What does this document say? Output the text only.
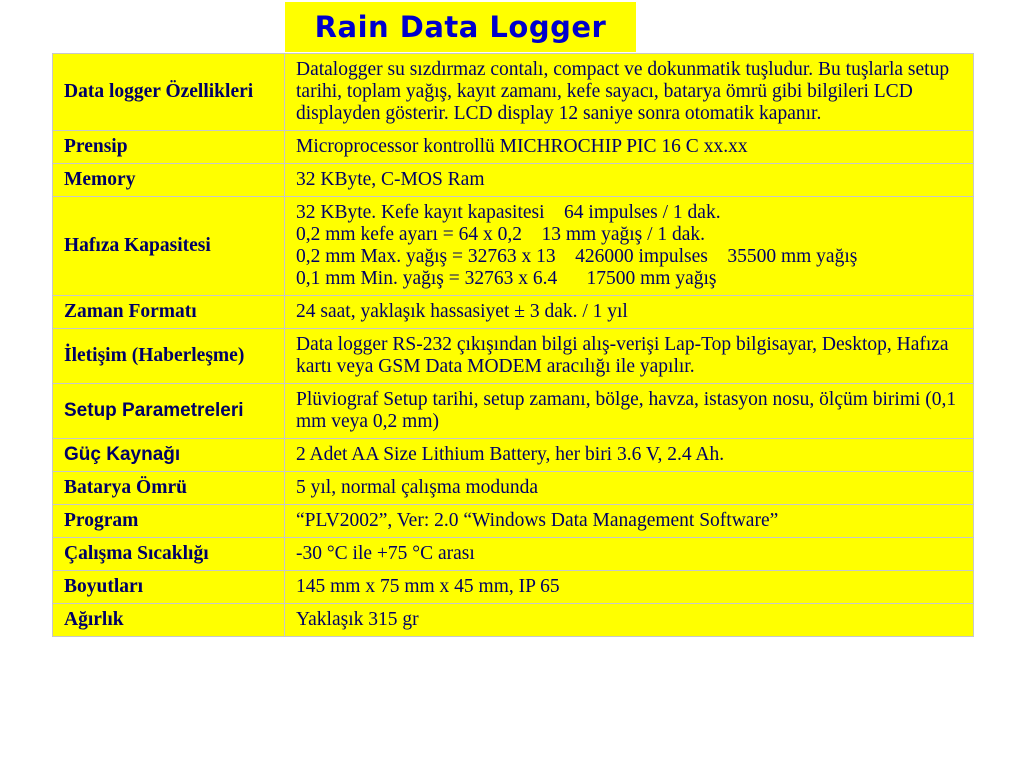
Rain Data Logger
Data logger Özellikleri	Datalogger su sızdırmaz contalı, compact ve dokunmatik tuşludur. Bu tuşlarla setup tarihi, toplam yağış, kayıt zamanı, kefe sayacı, batarya ömrü gibi bilgileri LCD displayden gösterir. LCD display 12 saniye sonra otomatik kapanır.
Prensip	Microprocessor kontrollü MICHROCHIP PIC 16 C xx.xx
Memory	32 KByte, C-MOS Ram
Hafıza Kapasitesi	32 KByte. Kefe kayıt kapasitesi    64 impulses / 1 dak.
0,2 mm kefe ayarı = 64 x 0,2    13 mm yağış / 1 dak.
0,2 mm Max. yağış = 32763 x 13    426000 impulses    35500 mm yağış
0,1 mm Min. yağış = 32763 x 6.4      17500 mm yağış

Zaman Formatı	24 saat, yaklaşık hassasiyet ± 3 dak. / 1 yıl
İletişim (Haberleşme)	Data logger RS-232 çıkışından bilgi alış-verişi Lap-Top bilgisayar, Desktop, Hafıza kartı veya GSM Data MODEM aracılığı ile yapılır.
Setup Parametreleri	Plüviograf Setup tarihi, setup zamanı, bölge, havza, istasyon nosu, ölçüm birimi (0,1 mm veya 0,2 mm)
Güç Kaynağı	2 Adet AA Size Lithium Battery, her biri 3.6 V, 2.4 Ah.
Batarya Ömrü	5 yıl, normal çalışma modunda
Program	“PLV2002”, Ver: 2.0 “Windows Data Management Software”
Çalışma Sıcaklığı	-30 °C ile +75 °C arası
Boyutları	145 mm x 75 mm x 45 mm, IP 65
Ağırlık	Yaklaşık 315 gr
